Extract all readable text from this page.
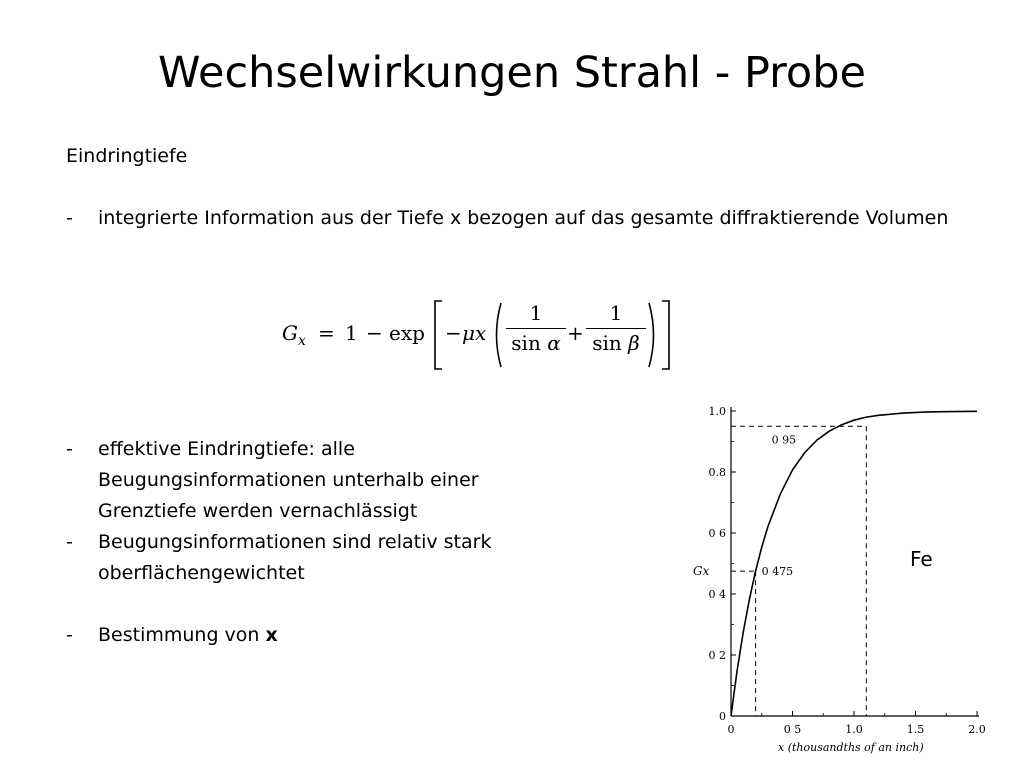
Wechselwirkungen Strahl - Probe
Eindringtiefe
- integrierte Information aus der Tiefe x bezogen auf das gesamte diffraktierende Volumen
$G_x = 1 - \exp - \mu x$
1
sin α +
1
sin β
- effektive Eindringtiefe: alle Beugungsinformationen unterhalb einer Grenztiefe werden vernachlässigt
- Beugungsinformationen sind relativ stark oberflächengewichtet
- Bestimmung von x
0
0 2
0 4
0 6
0.8
1.0
0	0 5	1.0	1.5	2.0
x (thousandths of an inch)
Gx
0 95
0 475
Fe
